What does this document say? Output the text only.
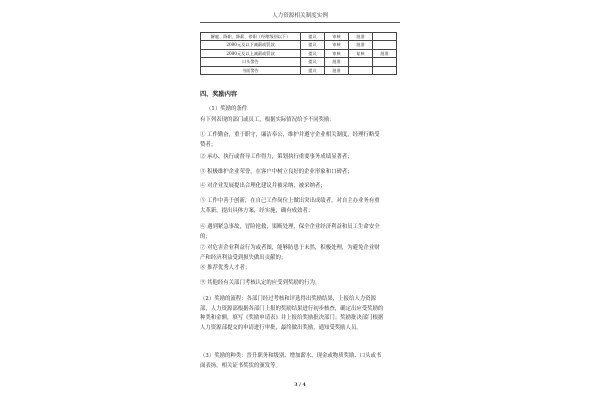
人力资源相关制度实例
解雇、降职、降薪、停职（经理级别以下）	提议	审核	批准	
2000元及以下减薪或罚款	提议	审核	批准	
2000元及以上减薪或罚款	提议	审核	复核	批准
口头警告	提议	批准		
书面警告	提议	批准		
四、奖励内容
（1）奖励的条件
有下列表现的部门或员工，根据实际情况给予不同奖励：
① 工作勤奋，重于职守，廉洁奉公，维护并遵守企业相关制度，经理行略受赞者；
② 承办、执行或督导工作得力，策划执行重要事务成绩显著者；
③ 积极维护企业荣誉，在客户中树立良好的企业形象和口碑者；
④ 对企业发展提出合理化建议并被采纳，被采纳者；
⑤ 工作中善于创新，在自己工作岗位上做出突出成绩者，对自主办业务有重大革新，提出具体方案，经实施，确有成效者；
⑥ 遇到紧急事故，冒险抢救，果断处理，保全企业经济利益和员工生命安全的；
⑦ 对危害企业利益行为或者图，能够防患于未然，积极处理，为避免企业财产和经济利益受到损失做出贡献的；
⑧ 推荐优秀人才者；
⑨ 其他经有关部门考核认定的应受到奖励的行为。
（2）奖励的流程：各部门经过考核和评选得出奖励结果，上报给人力资源部，人力资源部根据各部门上报的奖励结果进行初步核查，确定出应受奖励的种类和金额，填写《奖励申请表》并上报给奖励批决部门；奖励批决部门根据人力资源部提交的申请进行审批，最终做出奖励，通知受奖励人员。
（3）奖励的种类：晋升职务和级别、增加薪水、现金或物质奖励、口头或书面表扬，相关证书奖状的颁发等。
3 / 4
